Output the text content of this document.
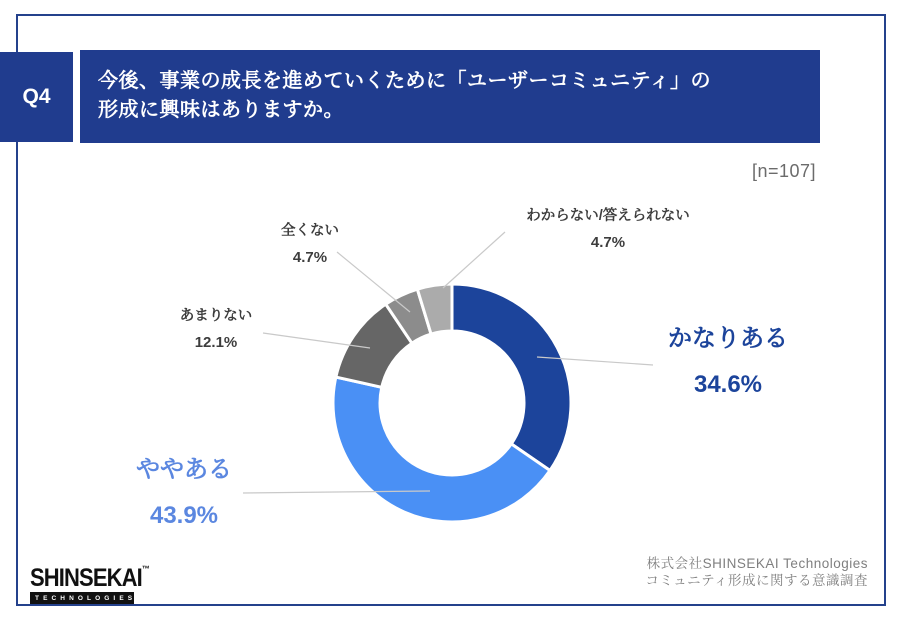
Q4
今後、事業の成長を進めていくために「ユーザーコミュニティ」の
形成に興味はありますか。
[n=107]
かなりある
34.6%
ややある
43.9%
あまりない
12.1%
全くない
4.7%
わからない/答えられない
4.7%
SHINSEKAI™
TECHNOLOGIES
株式会社SHINSEKAI Technologies
コミュニティ形成に関する意識調査
